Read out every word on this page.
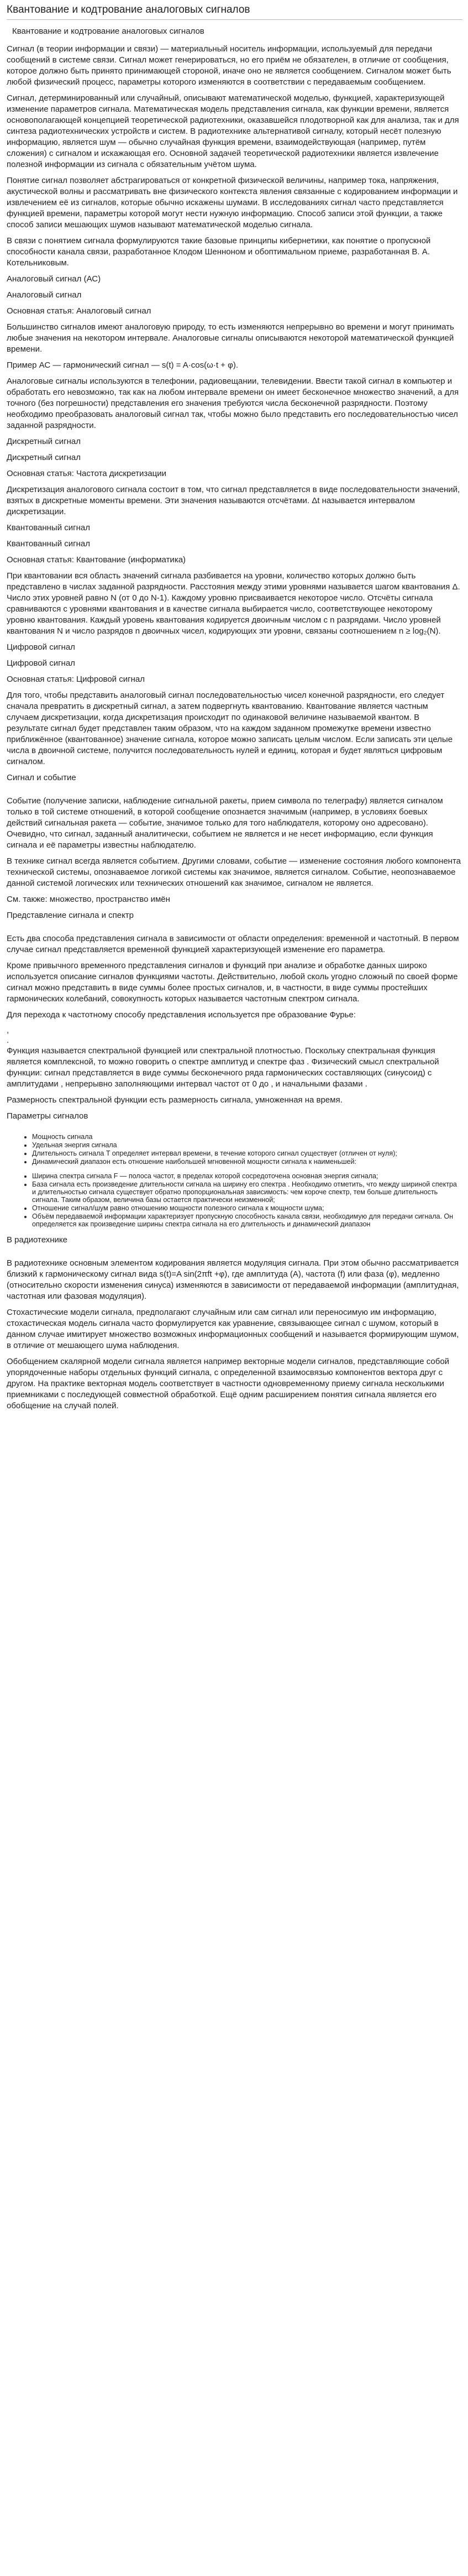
Квантование и кодтрование аналоговых сигналов
Квантование и кодтрование аналоговых сигналов

Сигнал (в теории информации и связи) — материальный носитель информации, используемый для передачи сообщений в системе связи. Сигнал может генерироваться, но его приём не обязателен, в отличие от сообщения, которое должно быть принято принимающей стороной, иначе оно не является сообщением. Сигналом может быть любой физический процесс, параметры которого изменяются в соответствии с передаваемым сообщением.

Сигнал, детерминированный или случайный, описывают математической моделью, функцией, характеризующей изменение параметров сигнала. Математическая модель представления сигнала, как функции времени, является основополагающей концепцией теоретической радиотехники, оказавшейся плодотворной как для анализа, так и для синтеза радиотехнических устройств и систем. В радиотехнике альтернативой сигналу, который несёт полезную информацию, является шум — обычно случайная функция времени, взаимодействующая (например, путём сложения) с сигналом и искажающая его. Основной задачей теоретической радиотехники является извлечение полезной информации из сигнала с обязательным учётом шума.

Понятие сигнал позволяет абстрагироваться от конкретной физической величины, например тока, напряжения, акустической волны и рассматривать вне физического контекста явления связанные с кодированием информации и извлечением её из сигналов, которые обычно искажены шумами. В исследованиях сигнал часто представляется функцией времени, параметры которой могут нести нужную информацию. Способ записи этой функции, а также способ записи мешающих шумов называют математической моделью сигнала.

В связи с понятием сигнала формулируются такие базовые принципы кибернетики, как понятие о пропускной способности канала связи, разработанное Клодом Шенноном и обоптимальном приеме, разработанная В. А. Котельниковым.

Аналоговый сигнал (АС)

Аналоговый сигнал

Основная статья: Аналоговый сигнал

Большинство сигналов имеют аналоговую природу, то есть изменяются непрерывно во времени и могут принимать любые значения на некотором интервале. Аналоговые сигналы описываются некоторой математической функцией времени.

Пример АС — гармонический сигнал — s(t) = A·cos(ω·t + φ).

Аналоговые сигналы используются в телефонии, радиовещании, телевидении. Ввести такой сигнал в компьютер и обработать его невозможно, так как на любом интервале времени он имеет бесконечное множество значений, а для точного (без погрешности) представления его значения требуются числа бесконечной разрядности. Поэтому необходимо преобразовать аналоговый сигнал так, чтобы можно было представить его последовательностью чисел заданной разрядности.

Дискретный сигнал

Дискретный сигнал

Основная статья: Частота дискретизации

Дискретизация аналогового сигнала состоит в том, что сигнал представляется в виде последовательности значений, взятых в дискретные моменты времени. Эти значения называются отсчётами. Δt называется интервалом дискретизации.

Квантованный сигнал

Квантованный сигнал

Основная статья: Квантование (информатика)

При квантовании вся область значений сигнала разбивается на уровни, количество которых должно быть представлено в числах заданной разрядности. Расстояния между этими уровнями называется шагом квантования Δ. Число этих уровней равно N (от 0 до N-1). Каждому уровню присваивается некоторое число. Отсчёты сигнала сравниваются с уровнями квантования и в качестве сигнала выбирается число, соответствующее некоторому уровню квантования. Каждый уровень квантования кодируется двоичным числом с n разрядами. Число уровней квантования N и число разрядов n двоичных чисел, кодирующих эти уровни, связаны соотношением n ≥ log₂(N).

Цифровой сигнал

Цифровой сигнал

Основная статья: Цифровой сигнал

Для того, чтобы представить аналоговый сигнал последовательностью чисел конечной разрядности, его следует сначала превратить в дискретный сигнал, а затем подвергнуть квантованию. Квантование является частным случаем дискретизации, когда дискретизация происходит по одинаковой величине называемой квантом. В результате сигнал будет представлен таким образом, что на каждом заданном промежутке времени известно приближённое (квантованное) значение сигнала, которое можно записать целым числом. Если записать эти целые числа в двоичной системе, получится последовательность нулей и единиц, которая и будет являться цифровым сигналом.

Сигнал и событие

Событие (получение записки, наблюдение сигнальной ракеты, прием символа по телеграфу) является сигналом только в той системе отношений, в которой сообщение опознается значимым (например, в условиях боевых действий сигнальная ракета — событие, значимое только для того наблюдателя, которому оно адресовано). Очевидно, что сигнал, заданный аналитически, событием не является и не несет информацию, если функция сигнала и её параметры известны наблюдателю.

В технике сигнал всегда является событием. Другими словами, событие — изменение состояния любого компонента технической системы, опознаваемое логикой системы как значимое, является сигналом. Событие, неопознаваемое данной системой логических или технических отношений как значимое, сигналом не является.

См. также: множество, пространство имён

Представление сигнала и спектр

Есть два способа представления сигнала в зависимости от области определения: временной и частотный. В первом случае сигнал представляется временной функцией характеризующей изменение его параметра.

Кроме привычного временного представления сигналов и функций при анализе и обработке данных широко используется описание сигналов функциями частоты. Действительно, любой сколь угодно сложный по своей форме сигнал можно представить в виде суммы более простых сигналов, и, в частности, в виде суммы простейших гармонических колебаний, совокупность которых называется частотным спектром сигнала.

Для перехода к частотному способу представления используется пре образование Фурье:

,

.

Функция называется спектральной функцией или спектральной плотностью. Поскольку спектральная функция является комплексной, то можно говорить о спектре амплитуд и спектре фаз . Физический смысл спектральной функции: сигнал представляется в виде суммы бесконечного ряда гармонических составляющих (синусоид) с амплитудами , непрерывно заполняющими интервал частот от 0 до , и начальными фазами .

Размерность спектральной функции есть размерность сигнала, умноженная на время.

Параметры сигналов

• Мощность сигнала
• Удельная энергия сигнала
• Длительность сигнала T определяет интервал времени, в течение которого сигнал существует (отличен от нуля);
• Динамический диапазон есть отношение наибольшей мгновенной мощности сигнала к наименьшей:
• Ширина спектра сигнала F — полоса частот, в пределах которой сосредоточена основная энергия сигнала;
• База сигнала есть произведение длительности сигнала на ширину его спектра . Необходимо отметить, что между шириной спектра и длительностью сигнала существует обратно пропорциональная зависимость: чем короче спектр, тем больше длительность сигнала. Таким образом, величина базы остается практически неизменной;
• Отношение сигнал/шум равно отношению мощности полезного сигнала к мощности шума;
• Объём передаваемой информации характеризует пропускную способность канала связи, необходимую для передачи сигнала. Он определяется как произведение ширины спектра сигнала на его длительность и динамический диапазон

В радиотехнике

В радиотехнике основным элементом кодирования является модуляция сигнала. При этом обычно рассматривается близкий к гармоническому сигнал вида s(t)=A sin(2πft +φ), где амплитуда (A), частота (f) или фаза (φ), медленно (относительно скорости изменения синуса) изменяются в зависимости от передаваемой информации (амплитудная, частотная или фазовая модуляция).

Стохастические модели сигнала, предполагают случайным или сам сигнал или переносимую им информацию, стохастическая модель сигнала часто формулируется как уравнение, связывающее сигнал с шумом, который в данном случае имитирует множество возможных информационных сообщений и называется формирующим шумом, в отличие от мешающего шума наблюдения.

Обобщением скалярной модели сигнала является например векторные модели сигналов, представляющие собой упорядоченные наборы отдельных функций сигнала, с определенной взаимосвязью компонентов вектора друг с другом. На практике векторная модель соответствует в частности одновременному приему сигнала несколькими приемниками с последующей совместной обработкой. Ещё одним расширением понятия сигнала является его обобщение на случай полей.
